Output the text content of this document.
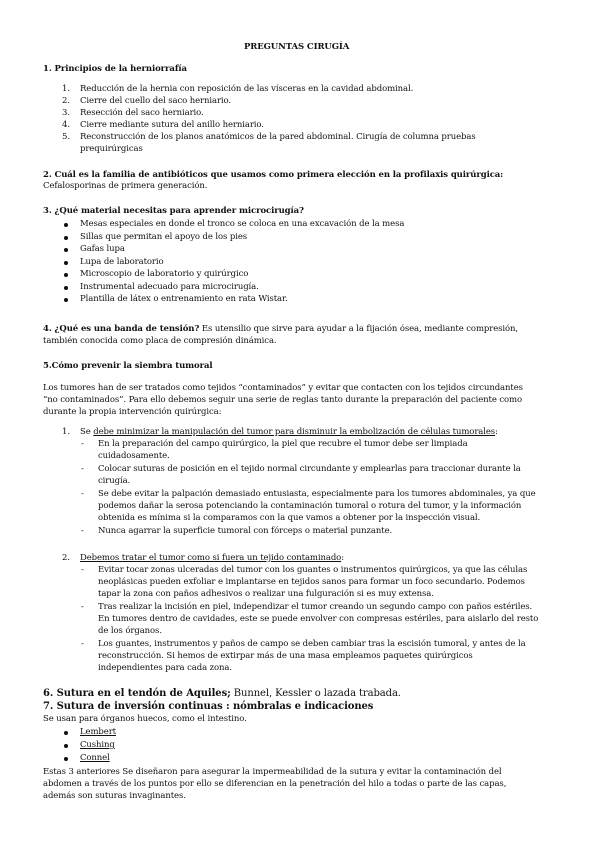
PREGUNTAS CIRUGÍA
1. Principios de la herniorrafía
1. Reducción de la hernia con reposición de las vísceras en la cavidad abdominal.
2. Cierre del cuello del saco herniario.
3. Resección del saco herniario.
4. Cierre mediante sutura del anillo herniario.
5. Reconstrucción de los planos anatómicos de la pared abdominal. Cirugía de columna pruebas
prequirúrgicas
2. Cuál es la familia de antibióticos que usamos como primera elección en la profilaxis quirúrgica:
Cefalosporinas de primera generación.
3. ¿Qué material necesitas para aprender microcirugía?
Mesas especiales en donde el tronco se coloca en una excavación de la mesa
Sillas que permitan el apoyo de los pies
Gafas lupa
Lupa de laboratorio
Microscopio de laboratorio y quirúrgico
Instrumental adecuado para microcirugía.
Plantilla de látex o entrenamiento en rata Wistar.
4. ¿Qué es una banda de tensión? Es utensilio que sirve para ayudar a la fijación ósea, mediante compresión,
también conocida como placa de compresión dinámica.
5.Cómo prevenir la siembra tumoral
Los tumores han de ser tratados como tejidos “contaminados” y evitar que contacten con los tejidos circundantes
“no contaminados”. Para ello debemos seguir una serie de reglas tanto durante la preparación del paciente como
durante la propia intervención quirúrgica:
1. Se debe minimizar la manipulación del tumor para disminuir la embolización de células tumorales:
- En la preparación del campo quirúrgico, la piel que recubre el tumor debe ser limpiada
cuidadosamente.
- Colocar suturas de posición en el tejido normal circundante y emplearlas para traccionar durante la
cirugía.
- Se debe evitar la palpación demasiado entusiasta, especialmente para los tumores abdominales, ya que
podemos dañar la serosa potenciando la contaminación tumoral o rotura del tumor, y la información
obtenida es mínima si la comparamos con la que vamos a obtener por la inspección visual.
- Nunca agarrar la superficie tumoral con fórceps o material punzante.
2. Debemos tratar el tumor como si fuera un tejido contaminado:
- Evitar tocar zonas ulceradas del tumor con los guantes o instrumentos quirúrgicos, ya que las células
neoplásicas pueden exfoliar e implantarse en tejidos sanos para formar un foco secundario. Podemos
tapar la zona con paños adhesivos o realizar una fulguración si es muy extensa.
- Tras realizar la incisión en piel, independizar el tumor creando un segundo campo con paños estériles.
En tumores dentro de cavidades, este se puede envolver con compresas estériles, para aislarlo del resto
de los órganos.
- Los guantes, instrumentos y paños de campo se deben cambiar tras la escisión tumoral, y antes de la
reconstrucción. Si hemos de extirpar más de una masa empleamos paquetes quirúrgicos
independientes para cada zona.
6. Sutura en el tendón de Aquiles; Bunnel, Kessler o lazada trabada.
7. Sutura de inversión continuas : nómbralas e indicaciones
Se usan para órganos huecos, como el intestino.
Lembert
Cushing
Connel
Estas 3 anteriores Se diseñaron para asegurar la impermeabilidad de la sutura y evitar la contaminación del
abdomen a través de los puntos por ello se diferencian en la penetración del hilo a todas o parte de las capas,
además son suturas invaginantes.
